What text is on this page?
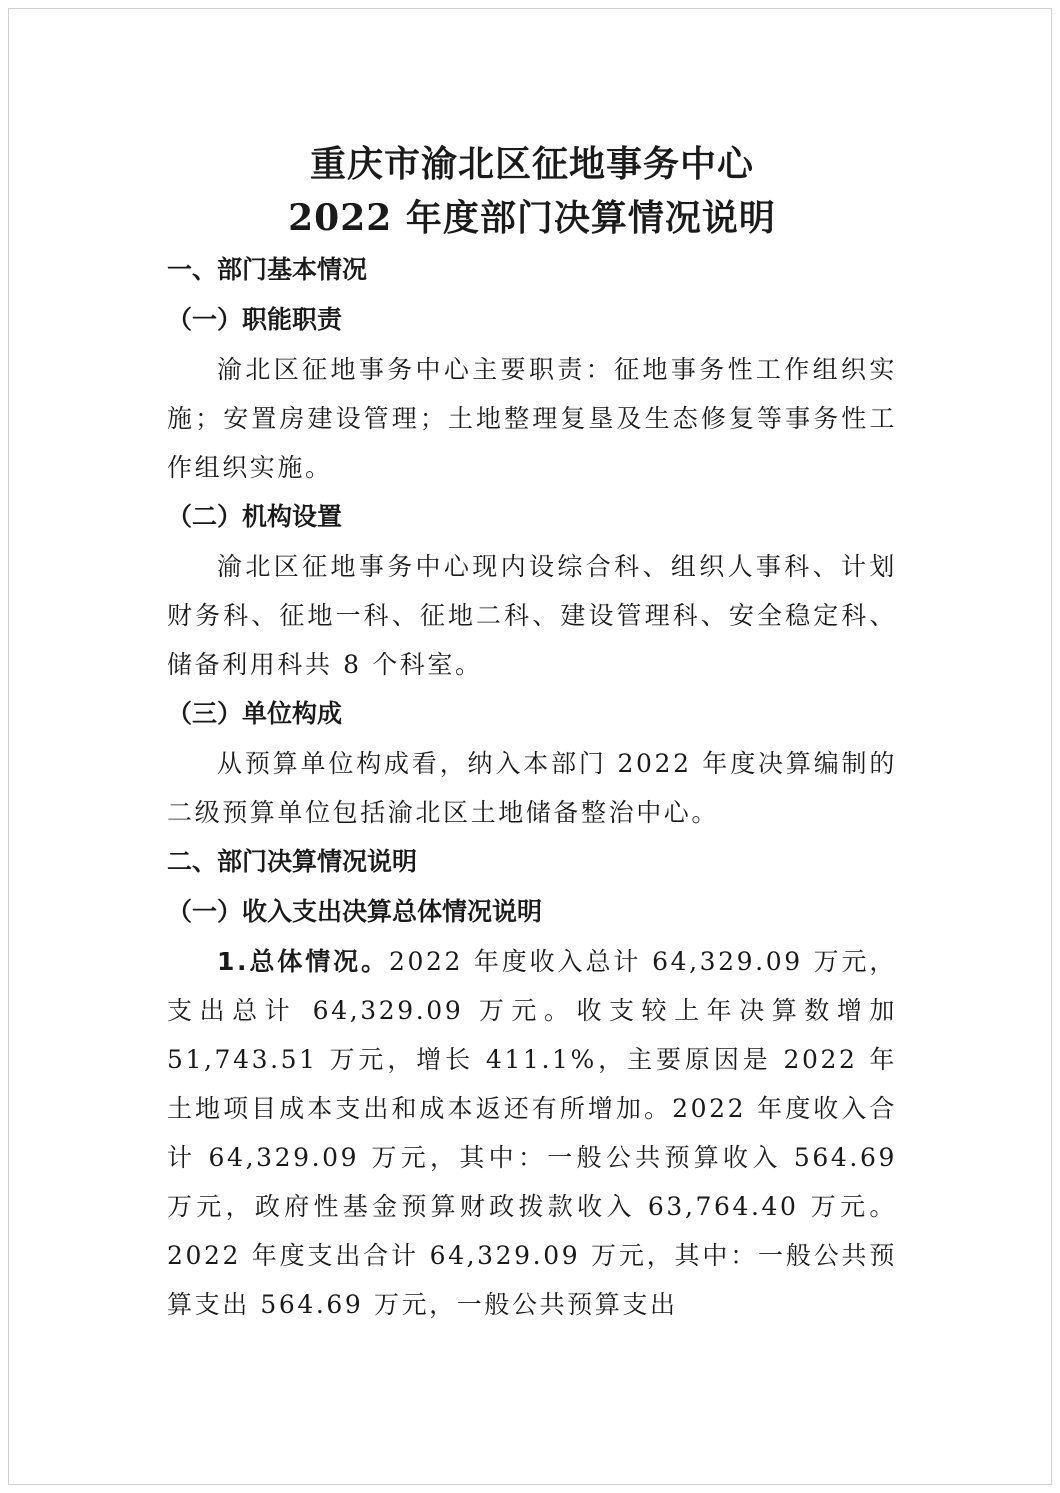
重庆市渝北区征地事务中心
2022 年度部门决算情况说明
一、部门基本情况
（一）职能职责

渝北区征地事务中心主要职责：征地事务性工作组织实施；安置房建设管理；土地整理复垦及生态修复等事务性工作组织实施。

（二）机构设置

渝北区征地事务中心现内设综合科、组织人事科、计划财务科、征地一科、征地二科、建设管理科、安全稳定科、储备利用科共 8 个科室。

（三）单位构成

从预算单位构成看，纳入本部门 2022 年度决算编制的二级预算单位包括渝北区土地储备整治中心。

二、部门决算情况说明
（一）收入支出决算总体情况说明

1.总体情况。2022 年度收入总计 64,329.09 万元，支出总计 64,329.09 万元。收支较上年决算数增加 51,743.51 万元，增长 411.1%，主要原因是 2022 年土地项目成本支出和成本返还有所增加。2022 年度收入合计 64,329.09 万元，其中：一般公共预算收入 564.69 万元，政府性基金预算财政拨款收入 63,764.40 万元。2022 年度支出合计 64,329.09 万元，其中：一般公共预算支出 564.69 万元，一般公共预算支出
